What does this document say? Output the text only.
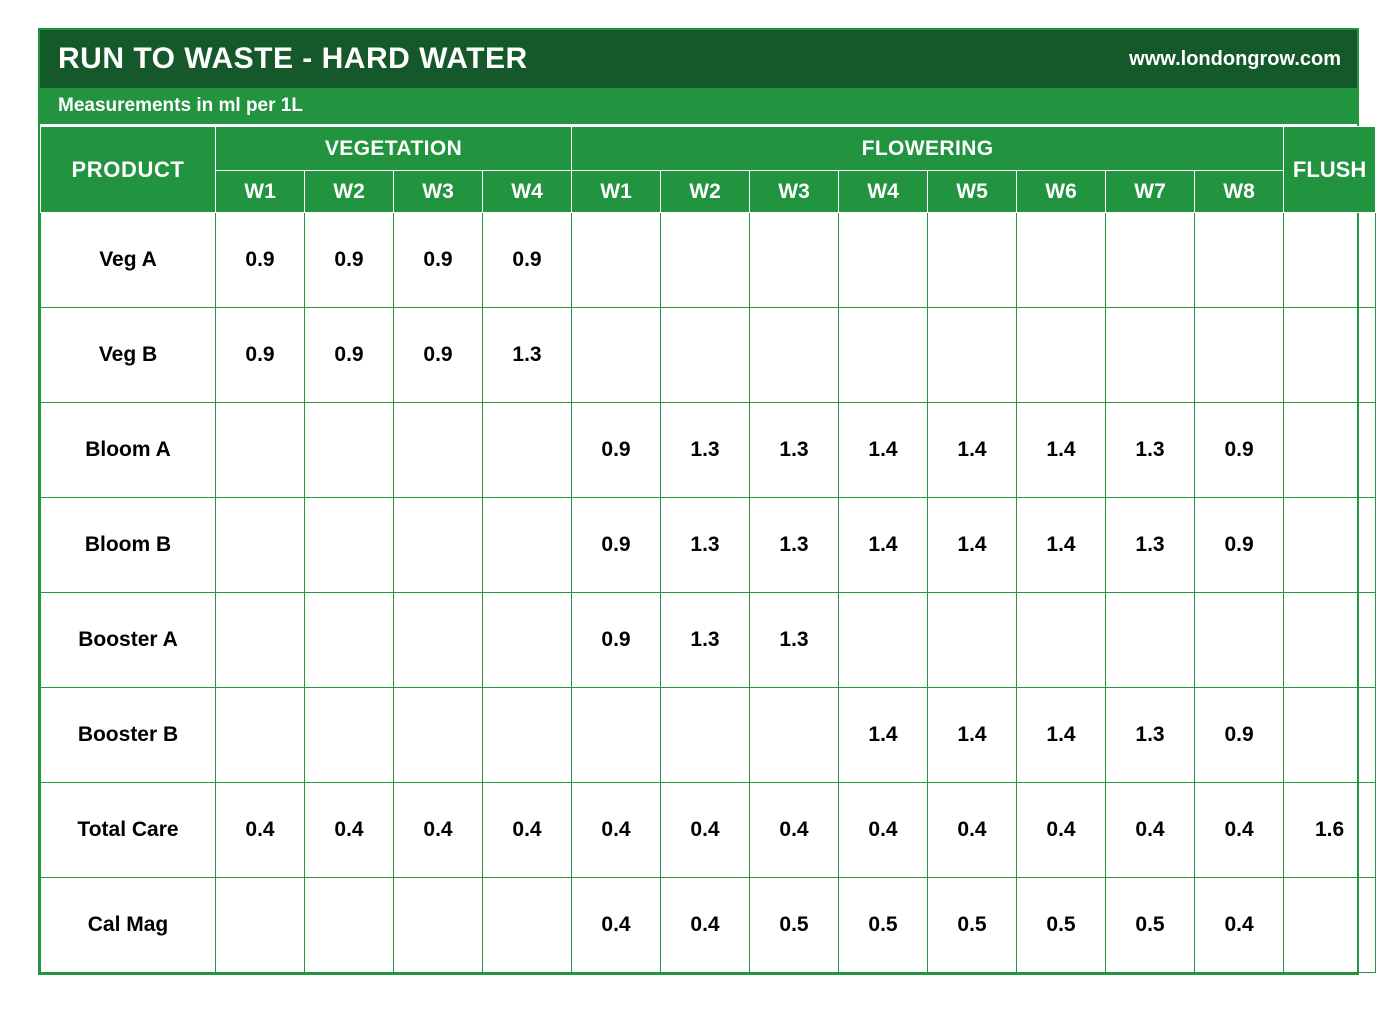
RUN TO WASTE - HARD WATER	www.londongrow.com
Measurements in ml per 1L
PRODUCT	VEGETATION				FLOWERING								FLUSH
	W1	W2	W3	W4	W1	W2	W3	W4	W5	W6	W7	W8	
Veg A	0.9	0.9	0.9	0.9									
Veg B	0.9	0.9	0.9	1.3									
Bloom A					0.9	1.3	1.3	1.4	1.4	1.4	1.3	0.9	
Bloom B					0.9	1.3	1.3	1.4	1.4	1.4	1.3	0.9	
Booster A					0.9	1.3	1.3						
Booster B								1.4	1.4	1.4	1.3	0.9	
Total Care	0.4	0.4	0.4	0.4	0.4	0.4	0.4	0.4	0.4	0.4	0.4	0.4	1.6
Cal Mag					0.4	0.4	0.5	0.5	0.5	0.5	0.5	0.4	
